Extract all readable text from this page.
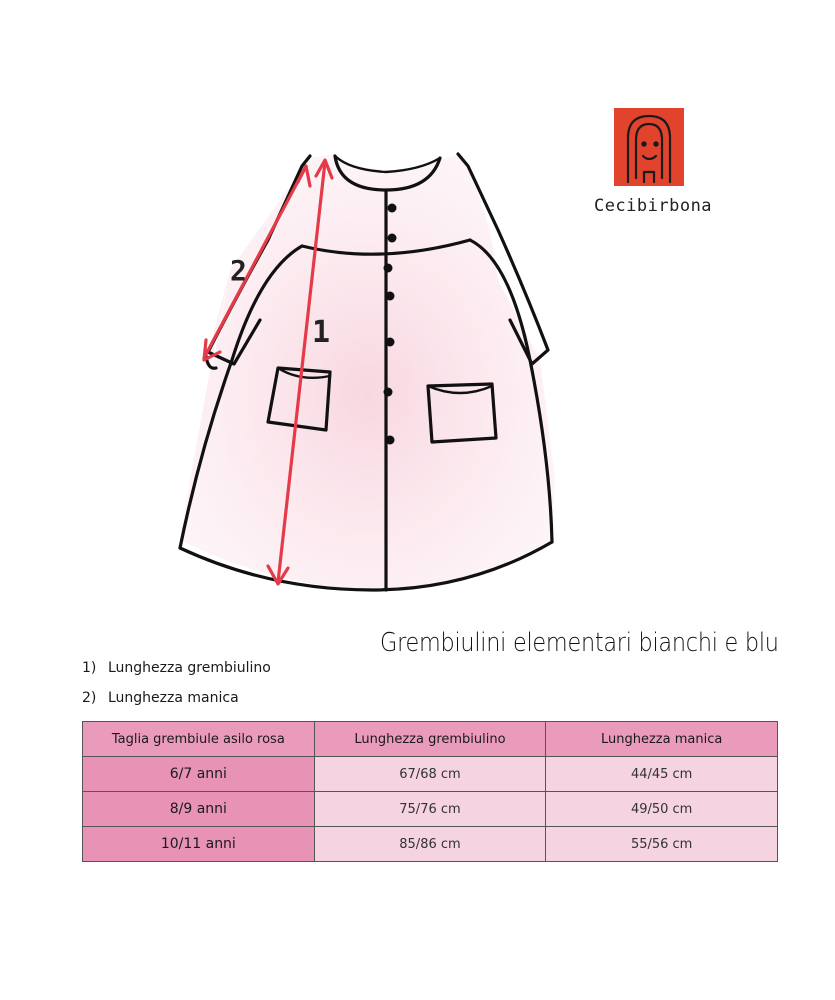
1
2
Cecibirbona
Grembiulini elementari bianchi e blu
1) Lunghezza grembiulino
2) Lunghezza manica
Taglia grembiule asilo rosa	Lunghezza grembiulino	Lunghezza manica
6/7 anni	67/68 cm	44/45 cm
8/9 anni	75/76 cm	49/50 cm
10/11 anni	85/86 cm	55/56 cm
